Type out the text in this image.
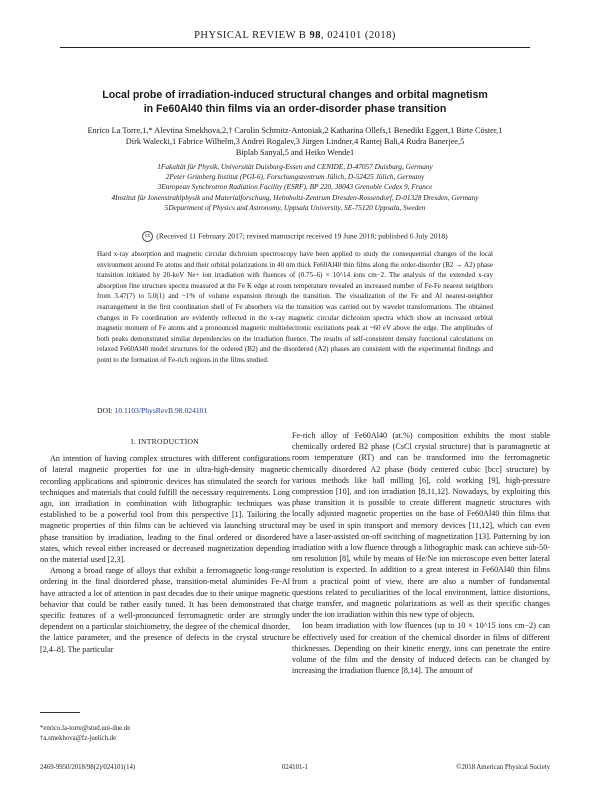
PHYSICAL REVIEW B 98, 024101 (2018)
Local probe of irradiation-induced structural changes and orbital magnetism
in Fe60Al40 thin films via an order-disorder phase transition
Enrico La Torre,1,* Alevtina Smekhova,2,† Carolin Schmitz-Antoniak,2 Katharina Ollefs,1 Benedikt Eggert,1 Birte Cöster,1
Dirk Walecki,1 Fabrice Wilhelm,3 Andrei Rogalev,3 Jürgen Lindner,4 Rantej Bali,4 Rudra Banerjee,5
Biplab Sanyal,5 and Heiko Wende1
1Fakultät für Physik, Universität Duisburg-Essen und CENIDE, D-47057 Duisburg, Germany
2Peter Grünberg Institut (PGI-6), Forschungszentrum Jülich, D-52425 Jülich, Germany
3European Synchrotron Radiation Facility (ESRF), BP 220, 38043 Grenoble Cedex 9, France
4Institut für Ionenstrahlphysik und Materialforschung, Helmholtz-Zentrum Dresden-Rossendorf, D-01328 Dresden, Germany
5Department of Physics and Astronomy, Uppsala University, SE-75120 Uppsala, Sweden
cc (Received 11 February 2017; revised manuscript received 19 June 2018; published 6 July 2018)
Hard x-ray absorption and magnetic circular dichroism spectroscopy have been applied to study the consequential changes of the local environment around Fe atoms and their orbital polarizations in 40 nm thick Fe60Al40 thin films along the order-disorder (B2 → A2) phase transition initiated by 20-keV Ne+ ion irradiation with fluences of (0.75–6) × 10^14 ions cm−2. The analysis of the extended x-ray absorption fine structure spectra measured at the Fe K edge at room temperature revealed an increased number of Fe-Fe nearest neighbors from 3.47(7) to 5.0(1) and ~1% of volume expansion through the transition. The visualization of the Fe and Al nearest-neighbor rearrangement in the first coordination shell of Fe absorbers via the transition was carried out by wavelet transformations. The obtained changes in Fe coordination are evidently reflected in the x-ray magnetic circular dichroism spectra which show an increased orbital magnetic moment of Fe atoms and a pronounced magnetic multielectronic excitations peak at ~60 eV above the edge. The amplitudes of both peaks demonstrated similar dependencies on the irradiation fluence. The results of self-consistent density functional calculations on relaxed Fe60Al40 model structures for the ordered (B2) and the disordered (A2) phases are consistent with the experimental findings and point to the formation of Fe-rich regions in the films studied.
DOI: 10.1103/PhysRevB.98.024101
I. INTRODUCTION

An intention of having complex structures with different configurations of lateral magnetic properties for use in ultra-high-density magnetic recording applications and spintronic devices has stimulated the search for techniques and materials that could fulfill the necessary requirements. Long ago, ion irradiation in combination with lithographic techniques was established to be a powerful tool from this perspective [1]. Tailoring the magnetic properties of thin films can be achieved via launching structural phase transition by irradiation, leading to the final ordered or disordered states, which reveal either increased or decreased magnetization depending on the material used [2,3].

Among a broad range of alloys that exhibit a ferromagnetic long-range ordering in the final disordered phase, transition-metal aluminides Fe-Al have attracted a lot of attention in past decades due to their unique magnetic behavior that could be rather easily tuned. It has been demonstrated that specific features of a well-pronounced ferromagnetic order are strongly dependent on a particular stoichiometry, the degree of the chemical disorder, the lattice parameter, and the presence of defects in the crystal structure [2,4–8]. The particular

Fe-rich alloy of Fe60Al40 (at.%) composition exhibits the most stable chemically ordered B2 phase (CsCl crystal structure) that is paramagnetic at room temperature (RT) and can be transformed into the ferromagnetic chemically disordered A2 phase (body centered cubic [bcc] structure) by various methods like ball milling [6], cold working [9], high-pressure compression [10], and ion irradiation [8,11,12]. Nowadays, by exploiting this phase transition it is possible to create different magnetic structures with locally adjusted magnetic properties on the base of Fe60Al40 thin films that may be used in spin transport and memory devices [11,12], which can even have a laser-assisted on-off switching of magnetization [13]. Patterning by ion irradiation with a low fluence through a lithographic mask can achieve sub-50-nm resolution [8], while by means of He/Ne ion microscope even better lateral resolution is expected. In addition to a great interest in Fe60Al40 thin films from a practical point of view, there are also a number of fundamental questions related to peculiarities of the local environment, lattice distortions, charge transfer, and magnetic polarizations as well as their specific changes under the ion irradiation within this new type of objects.

Ion beam irradiation with low fluences (up to 10 × 10^15 ions cm−2) can be effectively used for creation of the chemical disorder in films of different thicknesses. Depending on their kinetic energy, ions can penetrate the entire volume of the film and the density of induced defects can be changed by increasing the irradiation fluence [8,14]. The amount of

*enrico.la-torre@stud.uni-due.de
†a.smekhova@fz-juelich.de
2469-9950/2018/98(2)/024101(14)	024101-1	©2018 American Physical Society
